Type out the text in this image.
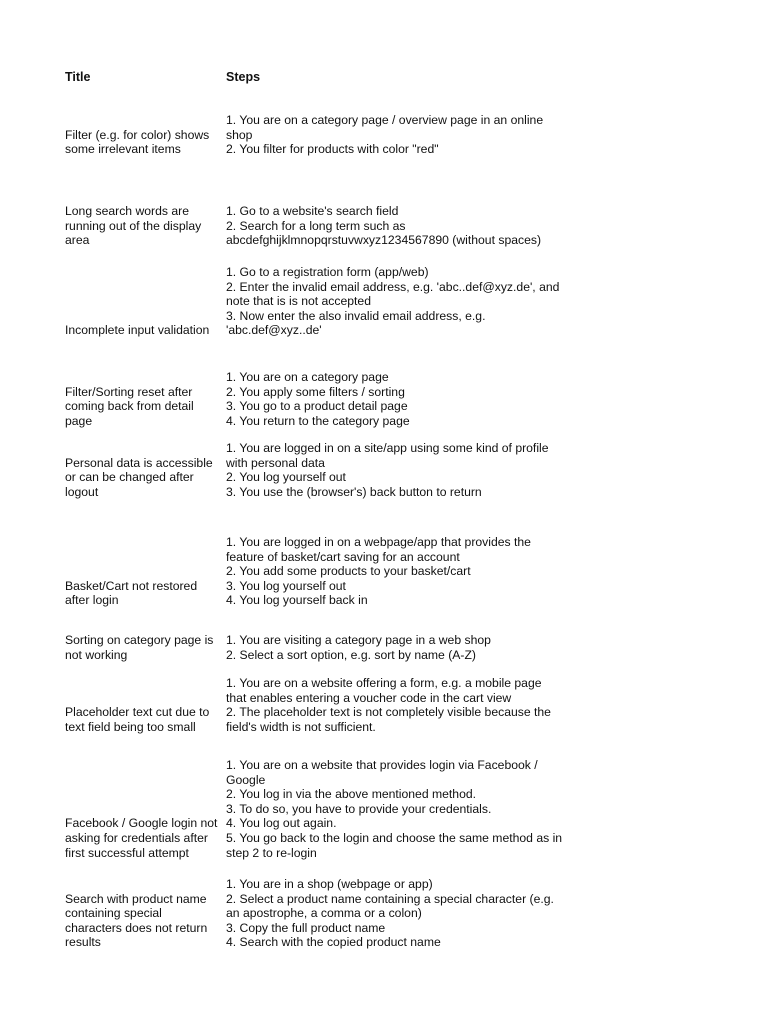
Title	Steps
Filter (e.g. for color) shows
some irrelevant items
1. You are on a category page / overview page in an online
shop
2. You filter for products with color "red"
Long search words are
running out of the display
area
1. Go to a website's search field
2. Search for a long term such as
abcdefghijklmnopqrstuvwxyz1234567890 (without spaces)
Incomplete input validation
1. Go to a registration form (app/web)
2. Enter the invalid email address, e.g. 'abc..def@xyz.de', and
note that is is not accepted
3. Now enter the also invalid email address, e.g.
'abc.def@xyz..de'
Filter/Sorting reset after
coming back from detail
page
1. You are on a category page
2. You apply some filters / sorting
3. You go to a product detail page
4. You return to the category page
Personal data is accessible
or can be changed after
logout
1. You are logged in on a site/app using some kind of profile
with personal data
2. You log yourself out
3. You use the (browser's) back button to return
Basket/Cart not restored
after login
1. You are logged in on a webpage/app that provides the
feature of basket/cart saving for an account
2. You add some products to your basket/cart
3. You log yourself out
4. You log yourself back in
Sorting on category page is
not working
1. You are visiting a category page in a web shop
2. Select a sort option, e.g. sort by name (A-Z)
Placeholder text cut due to
text field being too small
1. You are on a website offering a form, e.g. a mobile page
that enables entering a voucher code in the cart view
2. The placeholder text is not completely visible because the
field's width is not sufficient.
Facebook / Google login not
asking for credentials after
first successful attempt
1. You are on a website that provides login via Facebook /
Google
2. You log in via the above mentioned method.
3. To do so, you have to provide your credentials.
4. You log out again.
5. You go back to the login and choose the same method as in
step 2 to re-login
Search with product name
containing special
characters does not return
results
1. You are in a shop (webpage or app)
2. Select a product name containing a special character (e.g.
an apostrophe, a comma or a colon)
3. Copy the full product name
4. Search with the copied product name
